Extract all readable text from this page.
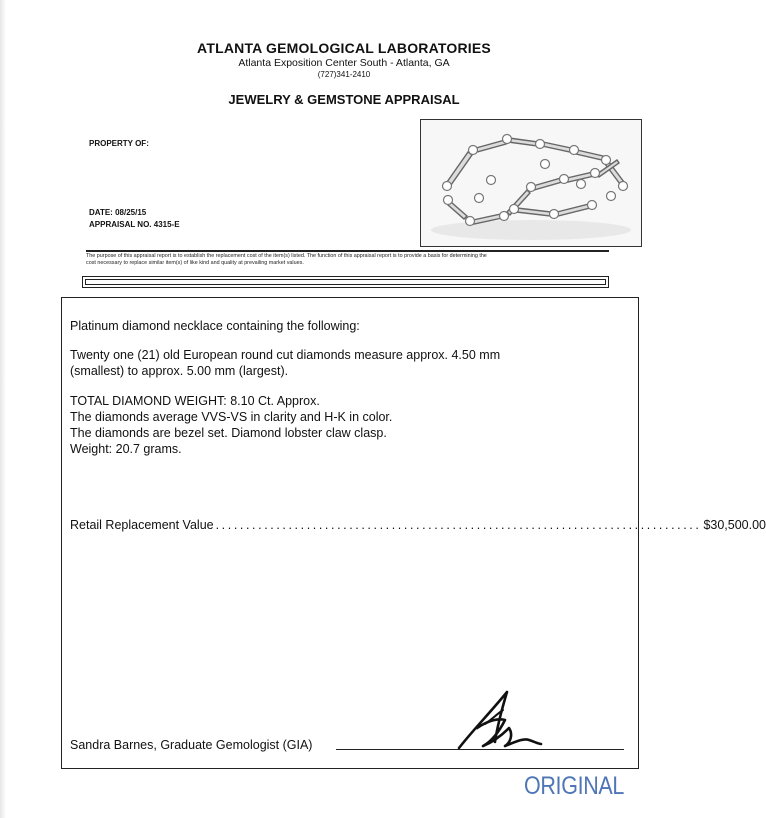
ATLANTA GEMOLOGICAL LABORATORIES
Atlanta Exposition Center South - Atlanta, GA
(727)341-2410
JEWELRY & GEMSTONE APPRAISAL
PROPERTY OF:
DATE: 08/25/15
APPRAISAL NO. 4315-E
The purpose of this appraisal report is to establish the replacement cost of the item(s) listed. The function of this appraisal report is to provide a basis for determining the
cost necessary to replace similar item(s) of like kind and quality at prevailing market values.
Platinum diamond necklace containing the following:
Twenty one (21) old European round cut diamonds measure approx. 4.50 mm
(smallest) to approx. 5.00 mm (largest).
TOTAL DIAMOND WEIGHT: 8.10 Ct. Approx.
The diamonds average VVS-VS in clarity and H-K in color.
The diamonds are bezel set. Diamond lobster claw clasp.
Weight: 20.7 grams.
Retail Replacement Value ................................................................................ $30,500.00
Sandra Barnes, Graduate Gemologist (GIA)
ORIGINAL
